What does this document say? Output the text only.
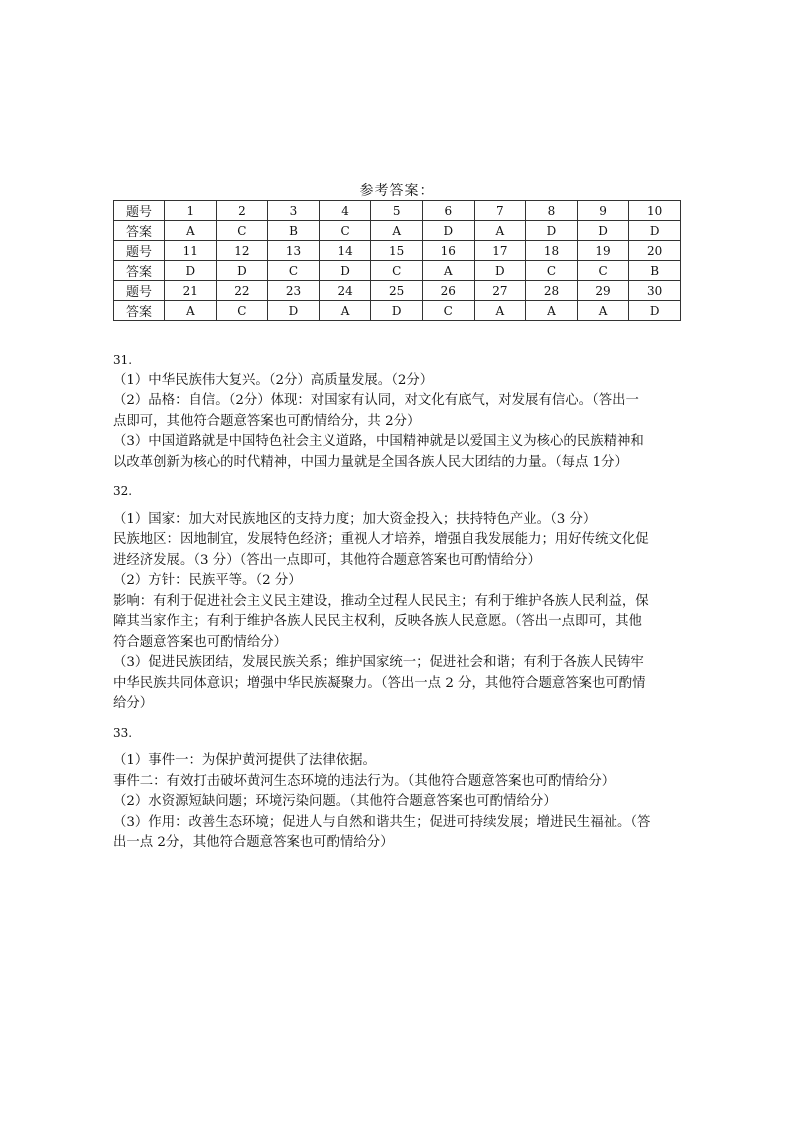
参考答案：
题号	1	2	3	4	5	6	7	8	9	10
答案	A	C	B	C	A	D	A	D	D	D
题号	11	12	13	14	15	16	17	18	19	20
答案	D	D	C	D	C	A	D	C	C	B
题号	21	22	23	24	25	26	27	28	29	30
答案	A	C	D	A	D	C	A	A	A	D

31.

（1）中华民族伟大复兴。（2分）高质量发展。（2分）

（2）品格：自信。（2分）体现：对国家有认同，对文化有底气，对发展有信心。（答出一

点即可，其他符合题意答案也可酌情给分，共 2分）

（3）中国道路就是中国特色社会主义道路，中国精神就是以爱国主义为核心的民族精神和

以改革创新为核心的时代精神，中国力量就是全国各族人民大团结的力量。（每点 1分）

32.

（1）国家：加大对民族地区的支持力度；加大资金投入；扶持特色产业。（3 分）

民族地区：因地制宜，发展特色经济；重视人才培养，增强自我发展能力；用好传统文化促

进经济发展。（3 分）（答出一点即可，其他符合题意答案也可酌情给分）

（2）方针：民族平等。（2 分）

影响：有利于促进社会主义民主建设，推动全过程人民民主；有利于维护各族人民利益，保

障其当家作主；有利于维护各族人民民主权利，反映各族人民意愿。（答出一点即可，其他

符合题意答案也可酌情给分）

（3）促进民族团结，发展民族关系；维护国家统一；促进社会和谐；有利于各族人民铸牢

中华民族共同体意识；增强中华民族凝聚力。（答出一点 2 分，其他符合题意答案也可酌情

给分）

33.

（1）事件一：为保护黄河提供了法律依据。

事件二：有效打击破坏黄河生态环境的违法行为。（其他符合题意答案也可酌情给分）

（2）水资源短缺问题；环境污染问题。（其他符合题意答案也可酌情给分）

（3）作用：改善生态环境；促进人与自然和谐共生；促进可持续发展；增进民生福祉。（答

出一点 2分，其他符合题意答案也可酌情给分）
